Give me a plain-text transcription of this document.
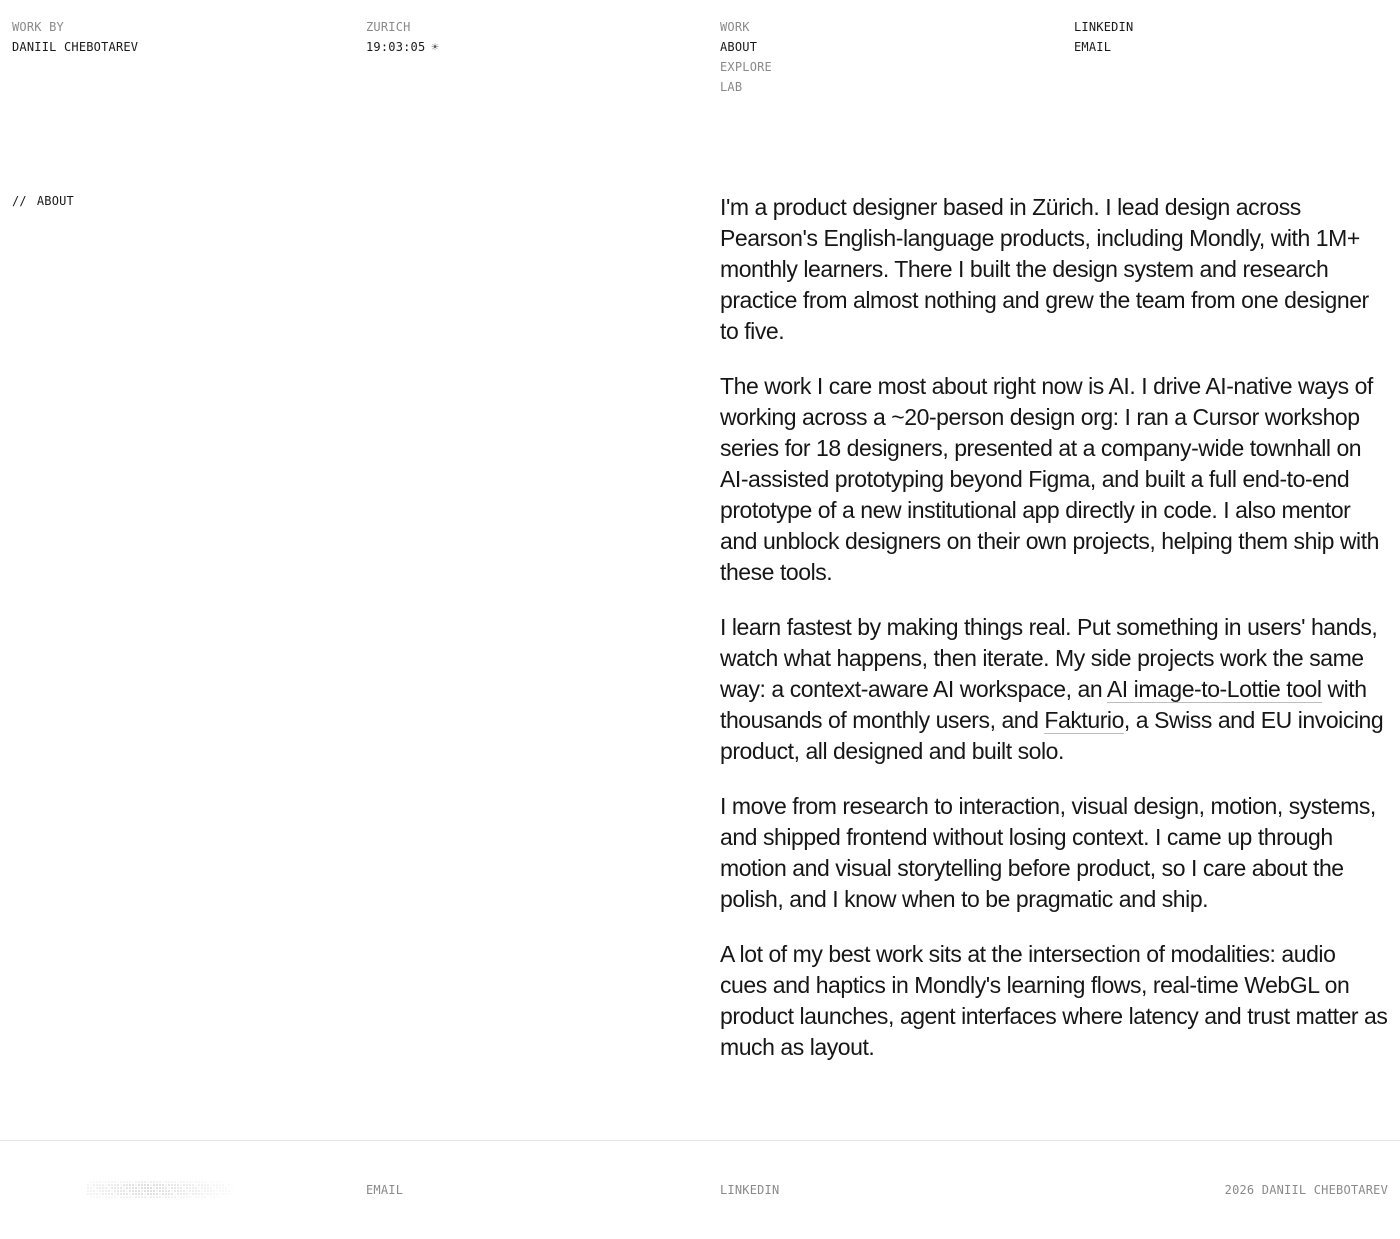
WORK BY
DANIIL CHEBOTAREV
ZURICH
19:03:05 ☀
WORK
ABOUT
EXPLORE
LAB
LINKEDIN
EMAIL
// ABOUT	I'm a product designer based in Zürich. I lead design across Pearson's English-language products, including Mondly, with 1M+ monthly learners. There I built the design system and research practice from almost nothing and grew the team from one designer to five.

The work I care most about right now is AI. I drive AI-native ways of working across a ~20-person design org: I ran a Cursor workshop series for 18 designers, presented at a company-wide townhall on AI-assisted prototyping beyond Figma, and built a full end-to-end prototype of a new institutional app directly in code. I also mentor and unblock designers on their own projects, helping them ship with these tools.

I learn fastest by making things real. Put something in users' hands, watch what happens, then iterate. My side projects work the same way: a context-aware AI workspace, an AI image-to-Lottie tool with thousands of monthly users, and Fakturio, a Swiss and EU invoicing product, all designed and built solo.

I move from research to interaction, visual design, motion, systems, and shipped frontend without losing context. I came up through motion and visual storytelling before product, so I care about the polish, and I know when to be pragmatic and ship.

A lot of my best work sits at the intersection of modalities: audio cues and haptics in Mondly's learning flows, real-time WebGL on product launches, agent interfaces where latency and trust matter as much as layout.

EMAIL	LINKEDIN	2026 DANIIL CHEBOTAREV
